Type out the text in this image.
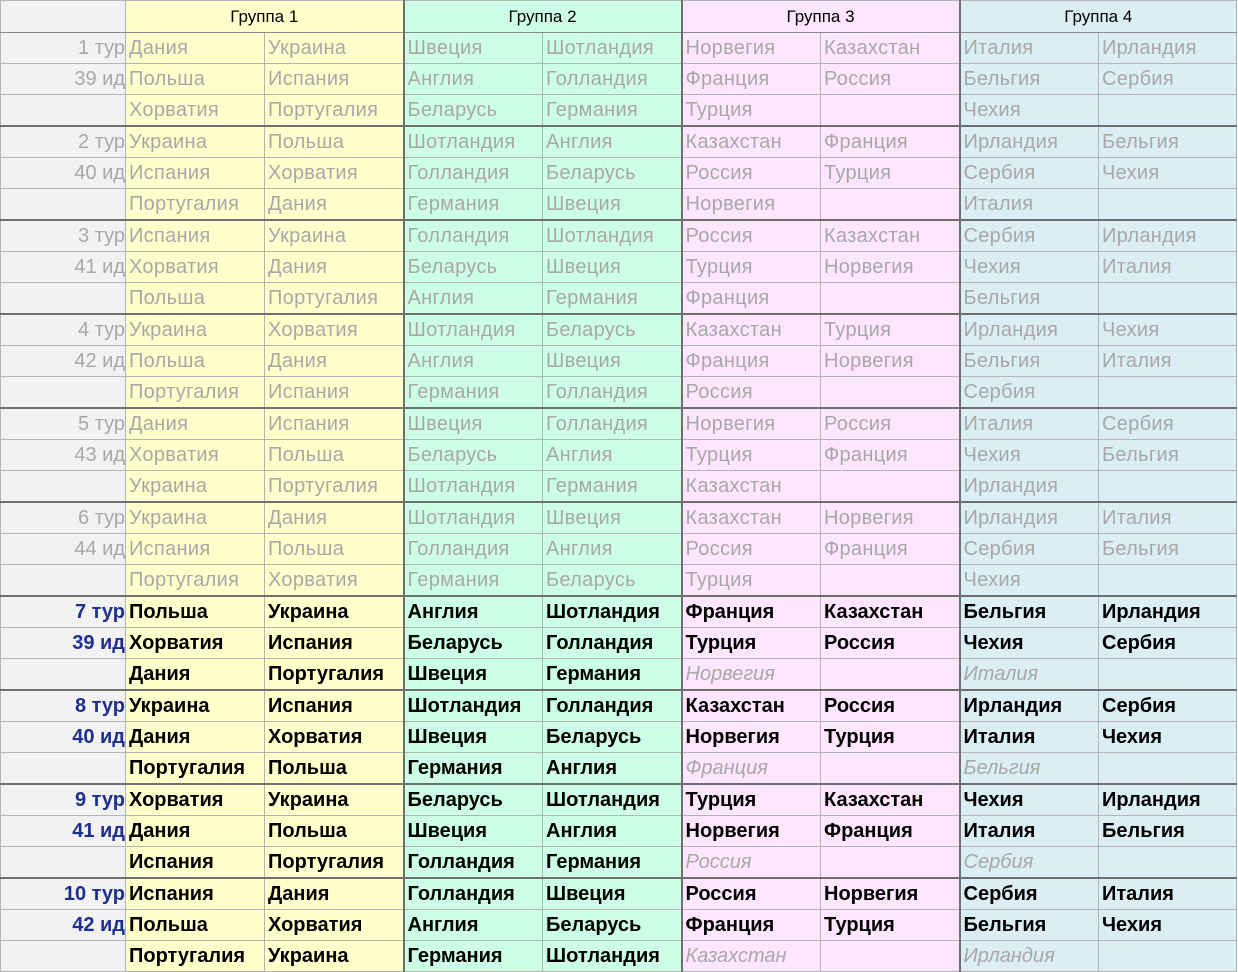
	Группа 1		Группа 2		Группа 3		Группа 4	
1 тур	Дания	Украина	Швеция	Шотландия	Норвегия	Казахстан	Италия	Ирландия
39 ид	Польша	Испания	Англия	Голландия	Франция	Россия	Бельгия	Сербия
	Хорватия	Португалия	Беларусь	Германия	Турция		Чехия	
2 тур	Украина	Польша	Шотландия	Англия	Казахстан	Франция	Ирландия	Бельгия
40 ид	Испания	Хорватия	Голландия	Беларусь	Россия	Турция	Сербия	Чехия
	Португалия	Дания	Германия	Швеция	Норвегия		Италия	
3 тур	Испания	Украина	Голландия	Шотландия	Россия	Казахстан	Сербия	Ирландия
41 ид	Хорватия	Дания	Беларусь	Швеция	Турция	Норвегия	Чехия	Италия
	Польша	Португалия	Англия	Германия	Франция		Бельгия	
4 тур	Украина	Хорватия	Шотландия	Беларусь	Казахстан	Турция	Ирландия	Чехия
42 ид	Польша	Дания	Англия	Швеция	Франция	Норвегия	Бельгия	Италия
	Португалия	Испания	Германия	Голландия	Россия		Сербия	
5 тур	Дания	Испания	Швеция	Голландия	Норвегия	Россия	Италия	Сербия
43 ид	Хорватия	Польша	Беларусь	Англия	Турция	Франция	Чехия	Бельгия
	Украина	Португалия	Шотландия	Германия	Казахстан		Ирландия	
6 тур	Украина	Дания	Шотландия	Швеция	Казахстан	Норвегия	Ирландия	Италия
44 ид	Испания	Польша	Голландия	Англия	Россия	Франция	Сербия	Бельгия
	Португалия	Хорватия	Германия	Беларусь	Турция		Чехия	
7 тур	Польша	Украина	Англия	Шотландия	Франция	Казахстан	Бельгия	Ирландия
39 ид	Хорватия	Испания	Беларусь	Голландия	Турция	Россия	Чехия	Сербия
	Дания	Португалия	Швеция	Германия	Норвегия		Италия	
8 тур	Украина	Испания	Шотландия	Голландия	Казахстан	Россия	Ирландия	Сербия
40 ид	Дания	Хорватия	Швеция	Беларусь	Норвегия	Турция	Италия	Чехия
	Португалия	Польша	Германия	Англия	Франция		Бельгия	
9 тур	Хорватия	Украина	Беларусь	Шотландия	Турция	Казахстан	Чехия	Ирландия
41 ид	Дания	Польша	Швеция	Англия	Норвегия	Франция	Италия	Бельгия
	Испания	Португалия	Голландия	Германия	Россия		Сербия	
10 тур	Испания	Дания	Голландия	Швеция	Россия	Норвегия	Сербия	Италия
42 ид	Польша	Хорватия	Англия	Беларусь	Франция	Турция	Бельгия	Чехия
	Португалия	Украина	Германия	Шотландия	Казахстан		Ирландия	
